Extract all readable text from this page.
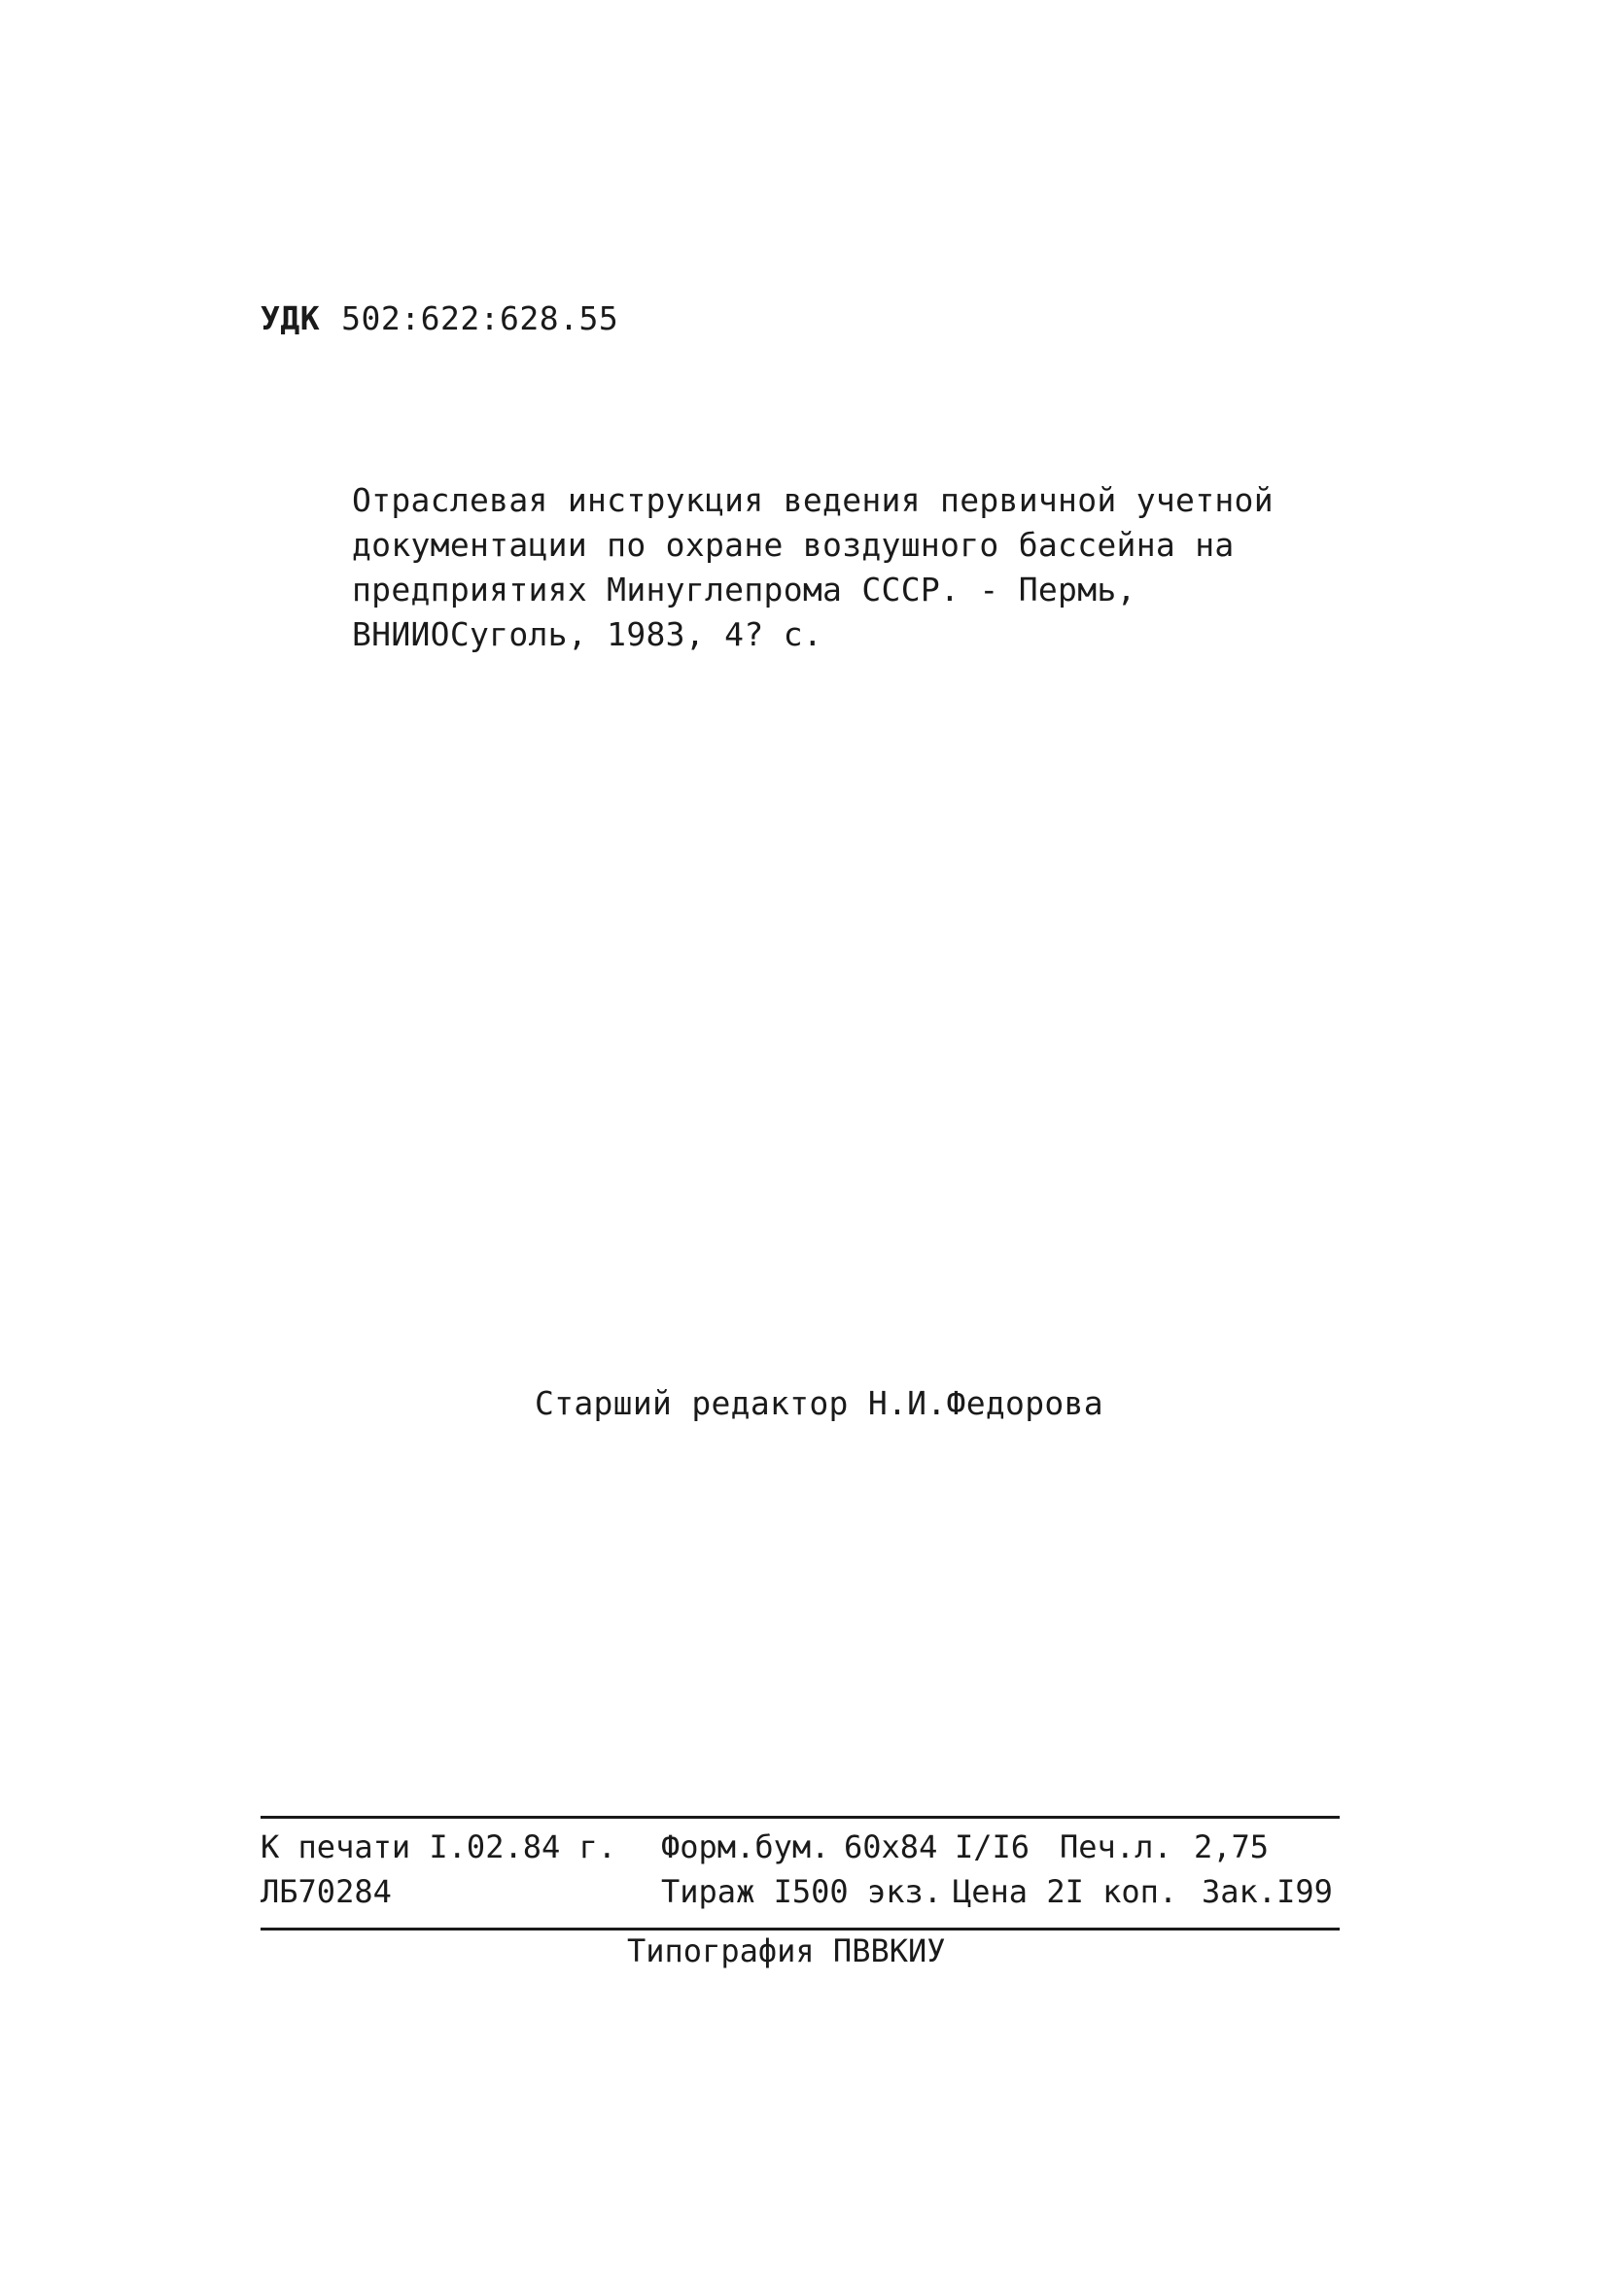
УДК 502:622:628.55
Отраслевая инструкция ведения первичной учетной
документации по охране воздушного бассейна на
предприятиях Минуглепрома СССР. - Пермь,
ВНИИОСуголь, 1983, 4? с.
Старший редактор Н.И.Федорова
К печати I.02.84 г. Форм.бум. 60х84 I/I6 Печ.л. 2,75
ЛБ70284	Тираж I500 экз. Цена 2I коп. Зак.I99
Типография ПВВКИУ
